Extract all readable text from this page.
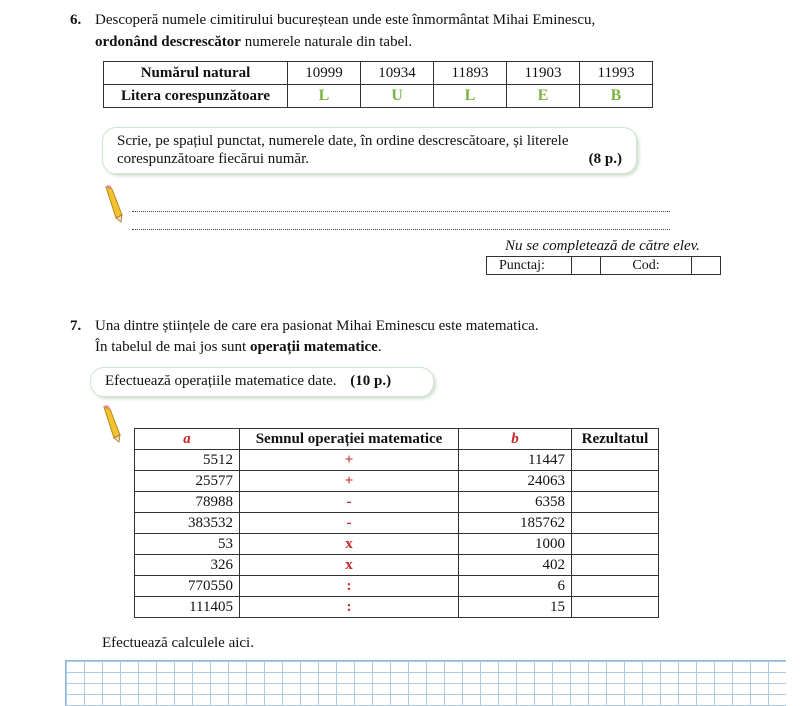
6. Descoperă numele cimitirului bucureștean unde este înmormântat Mihai Eminescu,
ordonând descrescător numerele naturale din tabel.
Numărul natural	10999	10934	11893	11903	11993
Litera corespunzătoare	L	U	L	E	B
Scrie, pe spațiul punctat, numerele date, în ordine descrescătoare, și literele
corespunzătoare fiecărui număr.	(8 p.)
Nu se completează de către elev.
Punctaj:	Cod:
7. Una dintre științele de care era pasionat Mihai Eminescu este matematica.
În tabelul de mai jos sunt operații matematice.
Efectuează operațiile matematice date. (10 p.)
a	Semnul operației matematice	b	Rezultatul
5512	+	11447	
25577	+	24063	
78988	-	6358	
383532	-	185762	
53	x	1000	
326	x	402	
770550	:	6	
111405	:	15	
Efectuează calculele aici.
